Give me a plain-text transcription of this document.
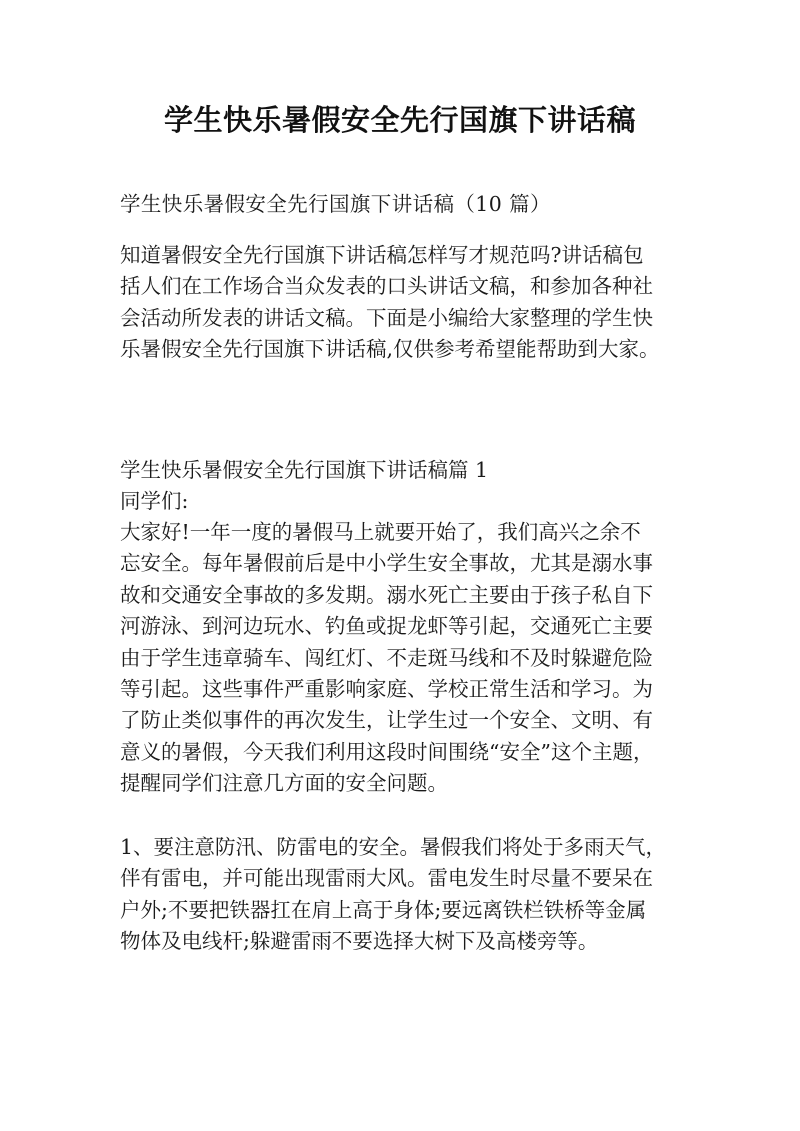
学生快乐暑假安全先行国旗下讲话稿
学生快乐暑假安全先行国旗下讲话稿（10 篇）
知道暑假安全先行国旗下讲话稿怎样写才规范吗?讲话稿包
括人们在工作场合当众发表的口头讲话文稿，和参加各种社
会活动所发表的讲话文稿。下面是小编给大家整理的学生快
乐暑假安全先行国旗下讲话稿,仅供参考希望能帮助到大家。
学生快乐暑假安全先行国旗下讲话稿篇 1
同学们:
大家好!一年一度的暑假马上就要开始了，我们高兴之余不
忘安全。每年暑假前后是中小学生安全事故，尤其是溺水事
故和交通安全事故的多发期。溺水死亡主要由于孩子私自下
河游泳、到河边玩水、钓鱼或捉龙虾等引起，交通死亡主要
由于学生违章骑车、闯红灯、不走斑马线和不及时躲避危险
等引起。这些事件严重影响家庭、学校正常生活和学习。为
了防止类似事件的再次发生，让学生过一个安全、文明、有
意义的暑假，今天我们利用这段时间围绕“安全”这个主题，
提醒同学们注意几方面的安全问题。
1、要注意防汛、防雷电的安全。暑假我们将处于多雨天气，
伴有雷电，并可能出现雷雨大风。雷电发生时尽量不要呆在
户外;不要把铁器扛在肩上高于身体;要远离铁栏铁桥等金属
物体及电线杆;躲避雷雨不要选择大树下及高楼旁等。
